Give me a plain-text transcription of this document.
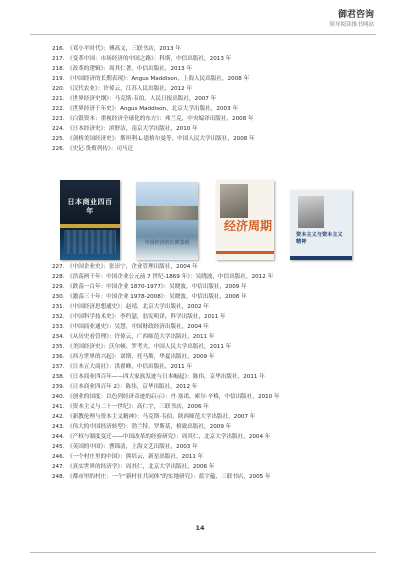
御君咨询
领导阅读推书网站
216. 《邓小平时代》：傅高义，三联书店，2013 年
217. 《变革中国：市场经济的中国之路》：科斯，中信出版社，2013 年
218. 《改革的逻辑》：周其仁著，中信出版社，2013 年
219. 《中国经济的长期表现》：Angus Maddison，上海人民出版社，2008 年
220. 《汉代农业》：许倬云，江苏人民出版社，2012 年
221. 《世界经济史纲》：马克斯·韦伯，人民日报出版社，2007 年
222. 《世界经济千年史》：Angus Maddison，北京大学出版社，2003 年
223. 《白银资本：重视经济全球化的东方》：弗兰克，中央编译出版社，2008 年
224. 《日本经济史》：滨野洁，南京大学出版社，2010 年
225. 《剑桥美国经济史》：斯坦利·L·恩格尔曼等，中国人民大学出版社，2008 年
226. 《史记·货殖列传》：司马迁
日本商业四百年
中国经济的长期表现
经济周期
资本主义与资本主义精神
227. 《中国企业史》：张崇宁，企业管理出版社，2004 年
228. 《浩荡两千年：中国企业公元前 7 世纪-1869 年》：吴晓波，中信出版社，2012 年
229. 《跌荡一百年：中国企业 1870-1977》：吴晓波，中信出版社，2009 年
230. 《激荡三十年：中国企业 1978-2008》：吴晓波，中信出版社，2008 年
231. 《中国经济思想通史》：赵靖，北京大学出版社，2002 年
232. 《中国科学技术史》：李约瑟，翁宪明译，科学出版社，2011 年
233. 《中国商业通史》：吴慧，中国财政经济出版社，2004 年
234. 《从历史看管理》：许倬云，广西师范大学出版社，2011 年
235. 《美国经济史》：沃尔顿、罗考夫，中国人民大学出版社，2011 年
236. 《西方世界的兴起》：诺斯、托马斯，华夏出版社，2009 年
237. 《日本五大商社》：洪翟峰，中信出版社，2011 年
238. 《日本商业四百年——四大家族发迹与日本崛起》：陈伟，京华出版社，2011 年
239. 《日本商业四百年 2》：陈伟，京华出版社，2012 年
240. 《创业的国度：以色列经济奇迹的启示》：丹·塞诺、索尔·辛格，中信出版社，2010 年
241. 《资本主义与二十一世纪》：高仁宇，三联书店，2006 年
242. 《新教伦理与资本主义精神》：马克斯·韦伯，陕西师范大学出版社，2007 年
243. 《伟大的中国经济转型》：勃兰特、罗斯基，格致出版社，2009 年
244. 《产权与制度变迁——中国改革的经验研究》：周其仁，北京大学出版社，2004 年
245. 《英国的中国》：曹锦清，上海文艺出版社，2003 年
246. 《一个村庄里的中国》：熊培云，新星出版社，2011 年
247. 《真实世界的经济学》：周其仁，北京大学出版社，2006 年
248. 《都市里的村庄：一个“新村社共同体”的实地研究》：蓝宇蕴，三联书店，2005 年
14
